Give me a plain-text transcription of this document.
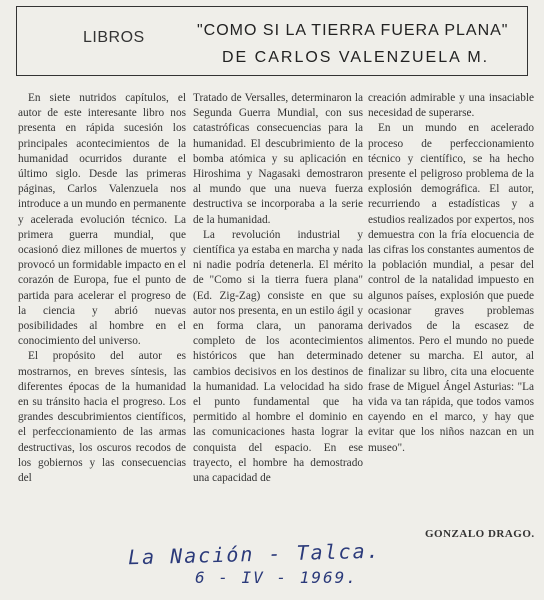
LIBROS	"COMO SI LA TIERRA FUERA PLANA"
DE CARLOS VALENZUELA M.

En siete nutridos capítulos, el autor de este interesante libro nos presenta en rápida sucesión los principales acontecimientos de la humanidad ocurridos durante el último siglo. Desde las primeras páginas, Carlos Valenzuela nos introduce a un mundo en permanente y acelerada evolución técnico. La primera guerra mundial, que ocasionó diez millones de muertos y provocó un formidable impacto en el corazón de Europa, fue el punto de partida para acelerar el progreso de la ciencia y abrió nuevas posibilidades al hombre en el conocimiento del universo.

El propósito del autor es mostrarnos, en breves síntesis, las diferentes épocas de la humanidad en su tránsito hacia el progreso. Los grandes descubrimientos científicos, el perfeccionamiento de las armas destructivas, los oscuros recodos de los gobiernos y las consecuencias del

Tratado de Versalles, determinaron la Segunda Guerra Mundial, con sus catastróficas consecuencias para la humanidad. El descubrimiento de la bomba atómica y su aplicación en Hiroshima y Nagasaki demostraron al mundo que una nueva fuerza destructiva se incorporaba a la serie de la humanidad.

La revolución industrial y científica ya estaba en marcha y nada ni nadie podría detenerla. El mérito de "Como si la tierra fuera plana" (Ed. Zig-Zag) consiste en que su autor nos presenta, en un estilo ágil y en forma clara, un panorama completo de los acontecimientos históricos que han determinado cambios decisivos en los destinos de la humanidad. La velocidad ha sido el punto fundamental que ha permitido al hombre el dominio en las comunicaciones hasta lograr la conquista del espacio. En ese trayecto, el hombre ha demostrado una capacidad de

creación admirable y una insaciable necesidad de superarse.

En un mundo en acelerado proceso de perfeccionamiento técnico y científico, se ha hecho presente el peligroso problema de la explosión demográfica. El autor, recurriendo a estadísticas y a estudios realizados por expertos, nos demuestra con la fría elocuencia de las cifras los constantes aumentos de la población mundial, a pesar del control de la natalidad impuesto en algunos países, explosión que puede ocasionar graves problemas derivados de la escasez de alimentos. Pero el mundo no puede detener su marcha. El autor, al finalizar su libro, cita una elocuente frase de Miguel Ángel Asturias: "La vida va tan rápida, que todos vamos cayendo en el marco, y hay que evitar que los niños nazcan en un museo".

GONZALO DRAGO.
La Nación - Talca.
6 - IV - 1969.
